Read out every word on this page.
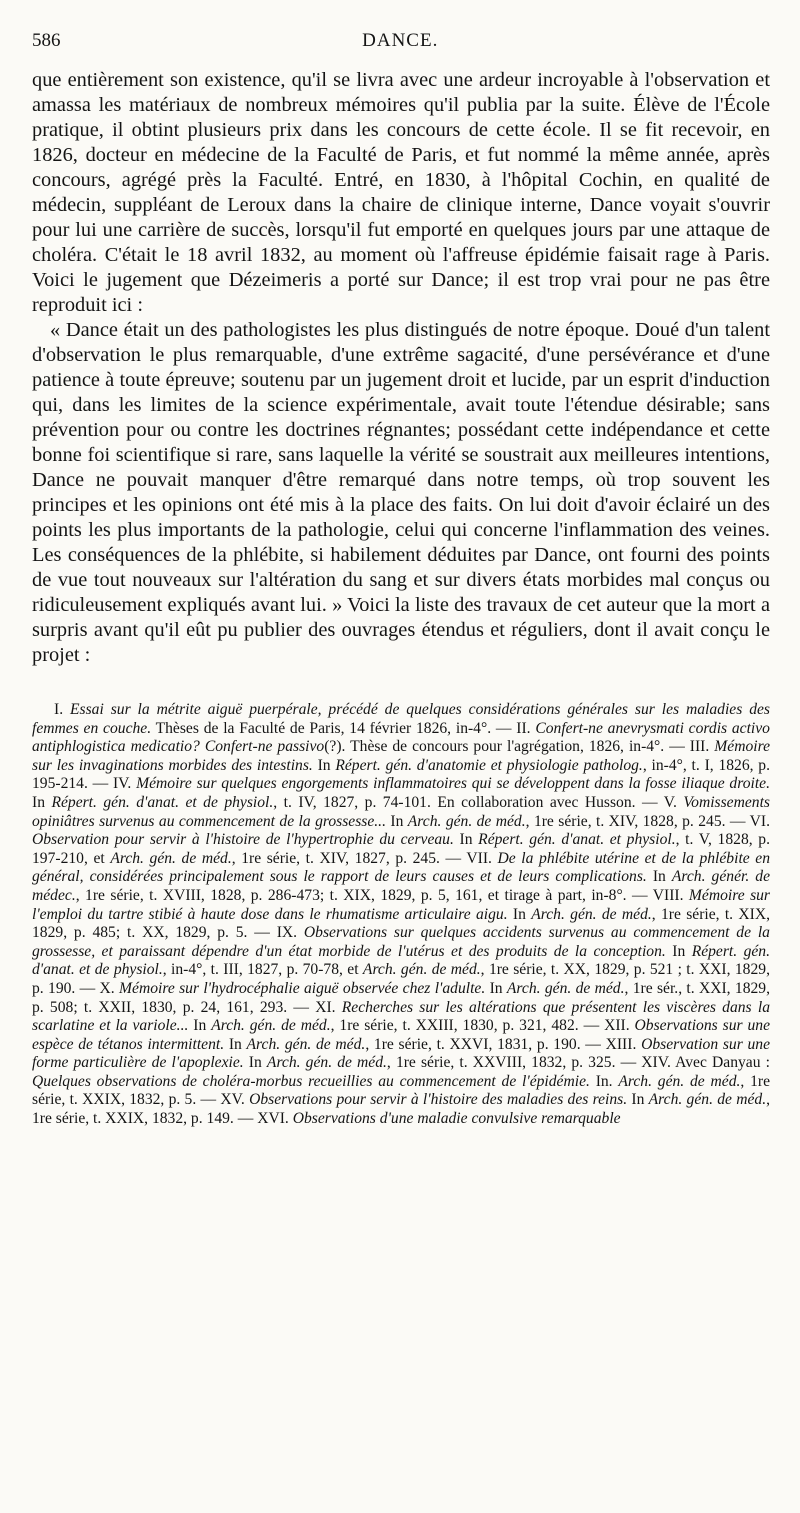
586	DANCE.

que entièrement son existence, qu'il se livra avec une ardeur incroyable à l'observation et amassa les matériaux de nombreux mémoires qu'il publia par la suite. Élève de l'École pratique, il obtint plusieurs prix dans les concours de cette école. Il se fit recevoir, en 1826, docteur en médecine de la Faculté de Paris, et fut nommé la même année, après concours, agrégé près la Faculté. Entré, en 1830, à l'hôpital Cochin, en qualité de médecin, suppléant de Leroux dans la chaire de clinique interne, Dance voyait s'ouvrir pour lui une carrière de succès, lorsqu'il fut emporté en quelques jours par une attaque de choléra. C'était le 18 avril 1832, au moment où l'affreuse épidémie faisait rage à Paris. Voici le jugement que Dézeimeris a porté sur Dance; il est trop vrai pour ne pas être reproduit ici :

« Dance était un des pathologistes les plus distingués de notre époque. Doué d'un talent d'observation le plus remarquable, d'une extrême sagacité, d'une persévérance et d'une patience à toute épreuve; soutenu par un jugement droit et lucide, par un esprit d'induction qui, dans les limites de la science expérimentale, avait toute l'étendue désirable; sans prévention pour ou contre les doctrines régnantes; possédant cette indépendance et cette bonne foi scientifique si rare, sans laquelle la vérité se soustrait aux meilleures intentions, Dance ne pouvait manquer d'être remarqué dans notre temps, où trop souvent les principes et les opinions ont été mis à la place des faits. On lui doit d'avoir éclairé un des points les plus importants de la pathologie, celui qui concerne l'inflammation des veines. Les conséquences de la phlébite, si habilement déduites par Dance, ont fourni des points de vue tout nouveaux sur l'altération du sang et sur divers états morbides mal conçus ou ridiculeusement expliqués avant lui. » Voici la liste des travaux de cet auteur que la mort a surpris avant qu'il eût pu publier des ouvrages étendus et réguliers, dont il avait conçu le projet :

I. Essai sur la métrite aiguë puerpérale, précédé de quelques considérations générales sur les maladies des femmes en couche. Thèses de la Faculté de Paris, 14 février 1826, in-4°. — II. Confert-ne anevrysmati cordis activo antiphlogistica medicatio? Confert-ne passivo(?). Thèse de concours pour l'agrégation, 1826, in-4°. — III. Mémoire sur les invaginations morbides des intestins. In Répert. gén. d'anatomie et physiologie patholog., in-4°, t. I, 1826, p. 195-214. — IV. Mémoire sur quelques engorgements inflammatoires qui se développent dans la fosse iliaque droite. In Répert. gén. d'anat. et de physiol., t. IV, 1827, p. 74-101. En collaboration avec Husson. — V. Vomissements opiniâtres survenus au commencement de la grossesse... In Arch. gén. de méd., 1re série, t. XIV, 1828, p. 245. — VI. Observation pour servir à l'histoire de l'hypertrophie du cerveau. In Répert. gén. d'anat. et physiol., t. V, 1828, p. 197-210, et Arch. gén. de méd., 1re série, t. XIV, 1827, p. 245. — VII. De la phlébite utérine et de la phlébite en général, considérées principalement sous le rapport de leurs causes et de leurs complications. In Arch. génér. de médec., 1re série, t. XVIII, 1828, p. 286-473; t. XIX, 1829, p. 5, 161, et tirage à part, in-8°. — VIII. Mémoire sur l'emploi du tartre stibié à haute dose dans le rhumatisme articulaire aigu. In Arch. gén. de méd., 1re série, t. XIX, 1829, p. 485; t. XX, 1829, p. 5. — IX. Observations sur quelques accidents survenus au commencement de la grossesse, et paraissant dépendre d'un état morbide de l'utérus et des produits de la conception. In Répert. gén. d'anat. et de physiol., in-4°, t. III, 1827, p. 70-78, et Arch. gén. de méd., 1re série, t. XX, 1829, p. 521 ; t. XXI, 1829, p. 190. — X. Mémoire sur l'hydrocéphalie aiguë observée chez l'adulte. In Arch. gén. de méd., 1re sér., t. XXI, 1829, p. 508; t. XXII, 1830, p. 24, 161, 293. — XI. Recherches sur les altérations que présentent les viscères dans la scarlatine et la variole... In Arch. gén. de méd., 1re série, t. XXIII, 1830, p. 321, 482. — XII. Observations sur une espèce de tétanos intermittent. In Arch. gén. de méd., 1re série, t. XXVI, 1831, p. 190. — XIII. Observation sur une forme particulière de l'apoplexie. In Arch. gén. de méd., 1re série, t. XXVIII, 1832, p. 325. — XIV. Avec Danyau : Quelques observations de choléra-morbus recueillies au commencement de l'épidémie. In. Arch. gén. de méd., 1re série, t. XXIX, 1832, p. 5. — XV. Observations pour servir à l'histoire des maladies des reins. In Arch. gén. de méd., 1re série, t. XXIX, 1832, p. 149. — XVI. Observations d'une maladie convulsive remarquable
